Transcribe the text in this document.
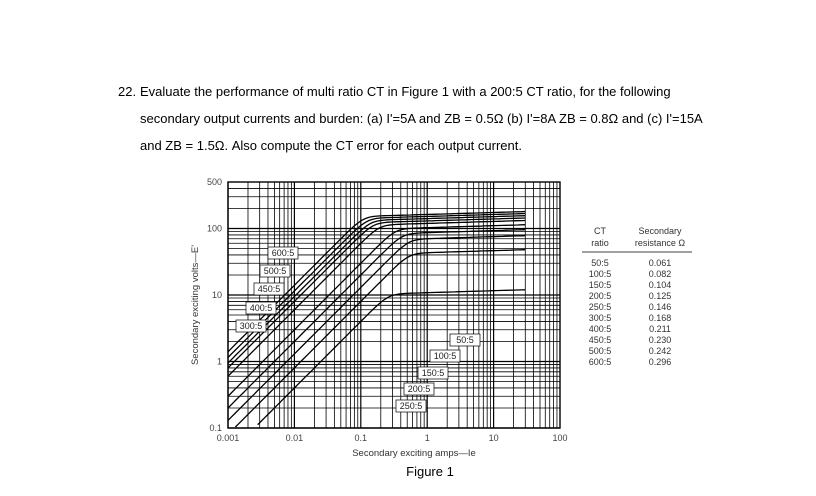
22. Evaluate the performance of multi ratio CT in Figure 1 with a 200:5 CT ratio, for the following
secondary output currents and burden: (a) I'=5A and ZB = 0.5Ω (b) I'=8A ZB = 0.8Ω and (c) I'=15A
and ZB = 1.5Ω. Also compute the CT error for each output current.
0.001	0.01	0.1	1	10	100
0.1
1
10
100
500
Secondary exciting amps—Ie
Secondary exciting volts—E'	600:5
500:5
450:5
400:5
300:5
50:5
100:5
150:5
200:5
250:5
CT
ratio
Secondary
resistance Ω
50:5	0.061
100:5	0.082
150:5	0.104
200:5	0.125
250:5	0.146
300:5	0.168
400:5	0.211
450:5	0.230
500:5	0.242
600:5	0.296
Figure 1
